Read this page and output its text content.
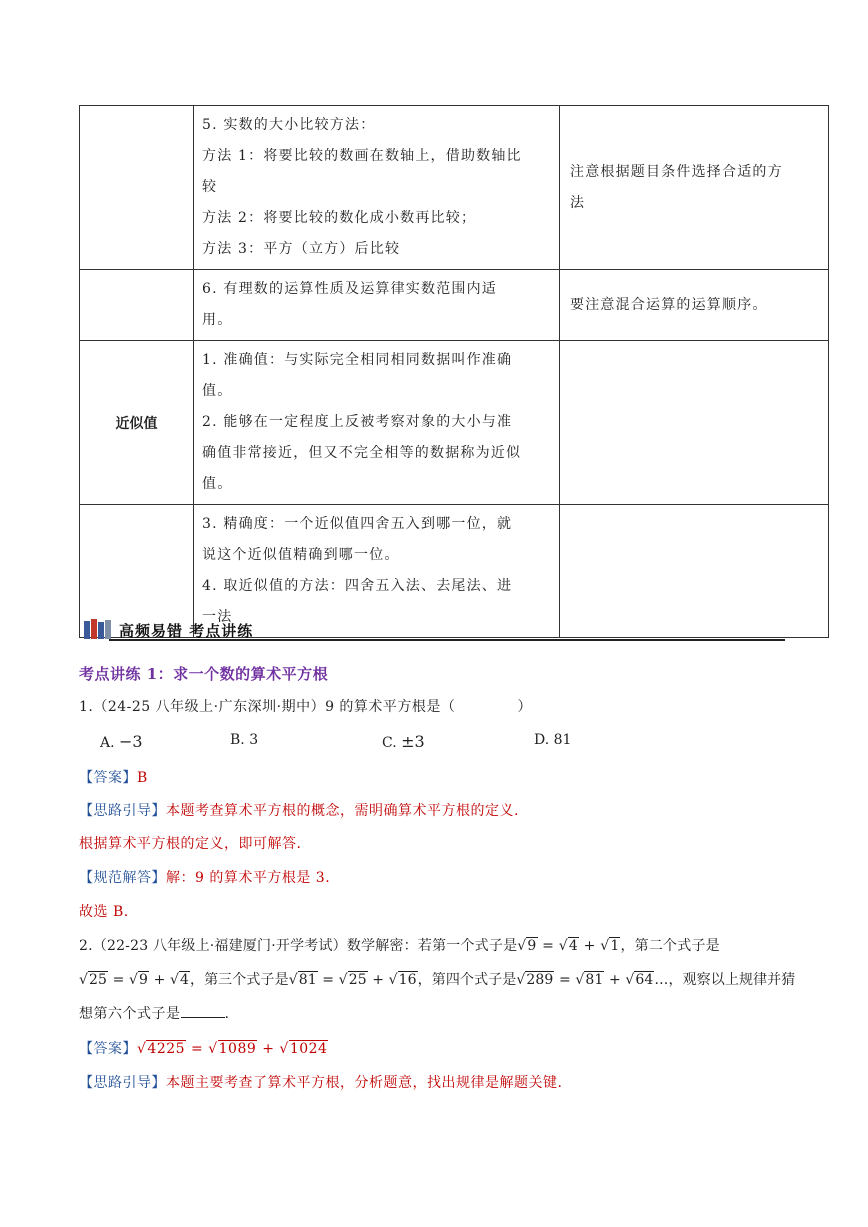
	5. 实数的大小比较方法：
方法 1：将要比较的数画在数轴上，借助数轴比
较
方法 2：将要比较的数化成小数再比较；
方法 3：平方（立方）后比较	注意根据题目条件选择合适的方
法

	6. 有理数的运算性质及运算律实数范围内适
用。	要注意混合运算的运算顺序。

近似值	1. 准确值：与实际完全相同相同数据叫作准确
值。
2. 能够在一定程度上反被考察对象的大小与准
确值非常接近，但又不完全相等的数据称为近似
值。	

	3. 精确度：一个近似值四舍五入到哪一位，就
说这个近似值精确到哪一位。
4. 取近似值的方法：四舍五入法、去尾法、进
一法	

高频易错 考点讲练
考点讲练 1：求一个数的算术平方根
1.（24-25 八年级上·广东深圳·期中）9 的算术平方根是（	）
A. −3	B. 3	C. ±3	D. 81
【答案】B
【思路引导】本题考查算术平方根的概念，需明确算术平方根的定义.
根据算术平方根的定义，即可解答.
【规范解答】解：9 的算术平方根是 3.
故选 B.
2.（22-23 八年级上·福建厦门·开学考试）数学解密：若第一个式子是√9 = √4 + √1，第二个式子是
√25 = √9 + √4，第三个式子是√81 = √25 + √16，第四个式子是√289 = √81 + √64…，观察以上规律并猜
想第六个式子是	.
【答案】√4225 = √1089 + √1024
【思路引导】本题主要考查了算术平方根，分析题意，找出规律是解题关键.
